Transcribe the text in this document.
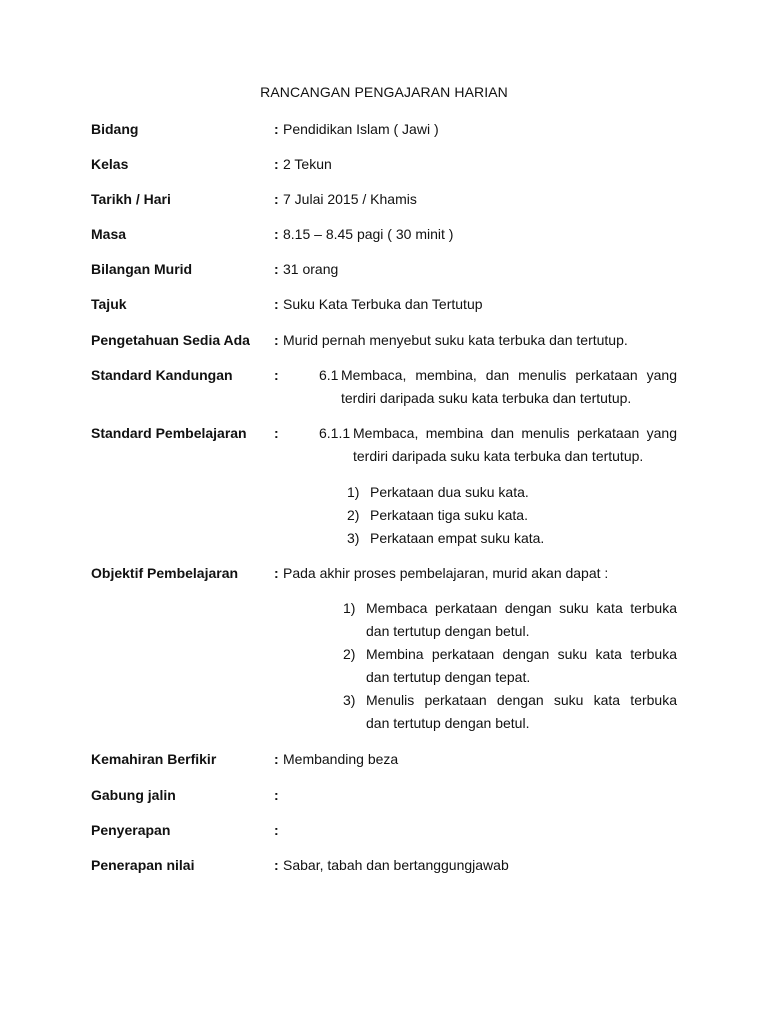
RANCANGAN PENGAJARAN HARIAN
Bidang	: Pendidikan Islam ( Jawi )
Kelas	: 2 Tekun
Tarikh / Hari	: 7 Julai 2015 / Khamis
Masa	: 8.15 – 8.45 pagi ( 30 minit )
Bilangan Murid	: 31 orang
Tajuk	: Suku Kata Terbuka dan Tertutup
Pengetahuan Sedia Ada : Murid pernah menyebut suku kata terbuka dan tertutup.
Standard Kandungan	:	6.1 Membaca, membina, dan menulis perkataan yang
terdiri daripada suku kata terbuka dan tertutup.
Standard Pembelajaran :	6.1.1 Membaca, membina dan menulis perkataan yang
terdiri daripada suku kata terbuka dan tertutup.
1) Perkataan dua suku kata.
2) Perkataan tiga suku kata.
3) Perkataan empat suku kata.
Objektif Pembelajaran	: Pada akhir proses pembelajaran, murid akan dapat :
1) Membaca perkataan dengan suku kata terbuka
dan tertutup dengan betul.
2) Membina perkataan dengan suku kata terbuka
dan tertutup dengan tepat.
3) Menulis perkataan dengan suku kata terbuka
dan tertutup dengan betul.
Kemahiran Berfikir	: Membanding beza
Gabung jalin	:
Penyerapan	:
Penerapan nilai	: Sabar, tabah dan bertanggungjawab
